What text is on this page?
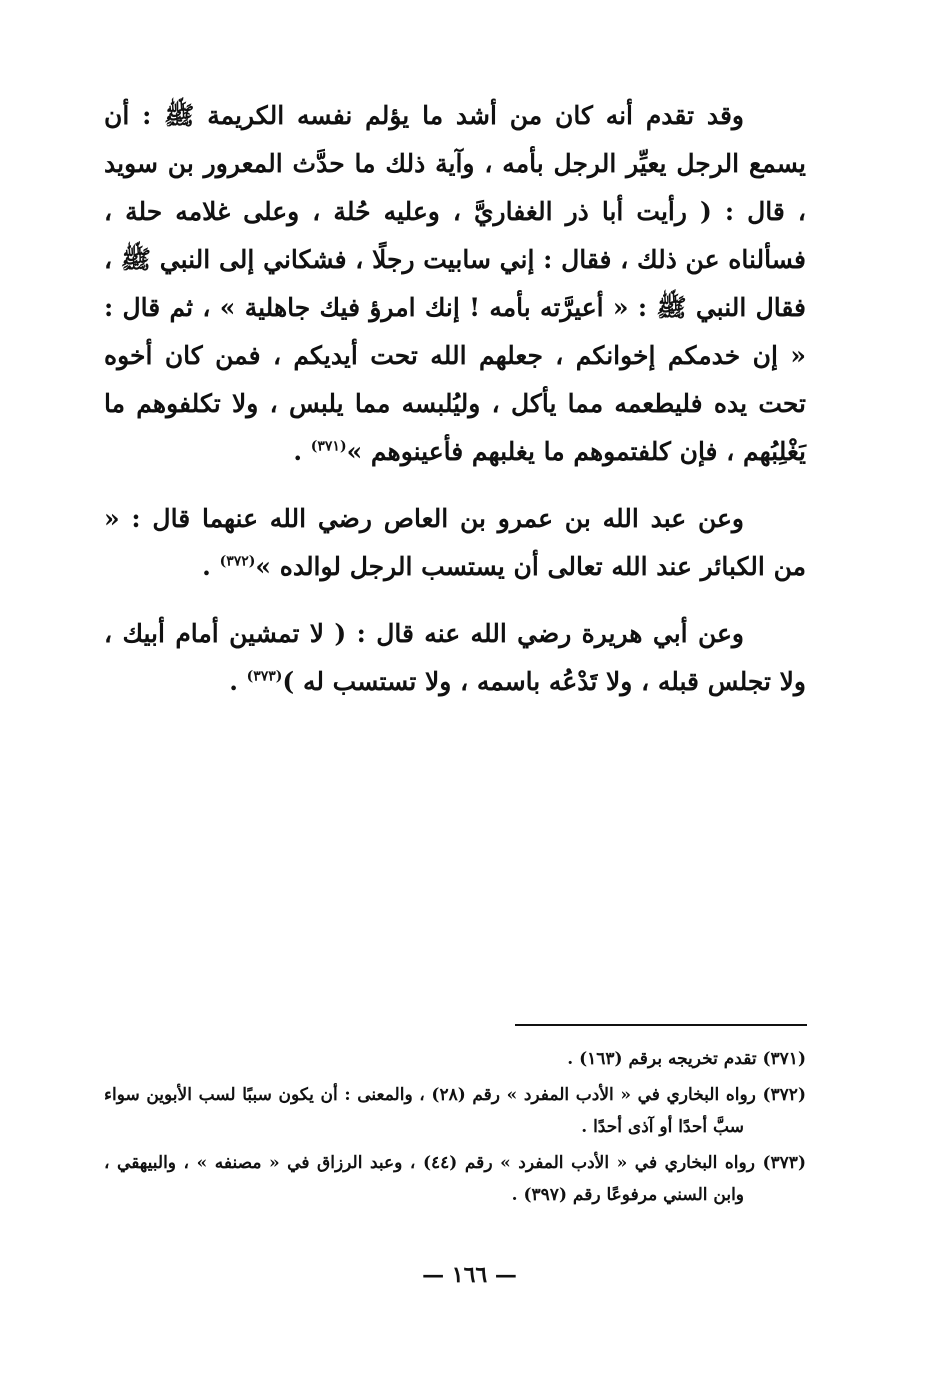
وقد تقدم أنه كان من أشد ما يؤلم نفسه الكريمة ﷺ : أن يسمع الرجل يعيِّر الرجل بأمه ، وآية ذلك ما حدَّث المعرور بن سويد ، قال : ( رأيت أبا ذر الغفاريَّ ، وعليه حُلة ، وعلى غلامه حلة ، فسألناه عن ذلك ، فقال : إني سابيت رجلًا ، فشكاني إلى النبي ﷺ ، فقال النبي ﷺ : « أعيرَّته بأمه ! إنك امرؤ فيك جاهلية » ، ثم قال : « إن خدمكم إخوانكم ، جعلهم الله تحت أيديكم ، فمن كان أخوه تحت يده فليطعمه مما يأكل ، وليُلبسه مما يلبس ، ولا تكلفوهم ما يَغْلِبُهم ، فإن كلفتموهم ما يغلبهم فأعينوهم »$^{(٣٧١)}$ .

وعن عبد الله بن عمرو بن العاص رضي الله عنهما قال : « من الكبائر عند الله تعالى أن يستسب الرجل لوالده »$^{(٣٧٢)}$ .

وعن أبي هريرة رضي الله عنه قال : ( لا تمشين أمام أبيك ، ولا تجلس قبله ، ولا تَدْعُه باسمه ، ولا تستسب له )$^{(٣٧٣)}$ .

(٣٧١) تقدم تخريجه برقم (١٦٣) .

(٣٧٢) رواه البخاري في « الأدب المفرد » رقم (٢٨) ، والمعنى : أن يكون سببًا لسب الأبوين سواء سبَّ أحدًا أو آذى أحدًا .

(٣٧٣) رواه البخاري في « الأدب المفرد » رقم (٤٤) ، وعبد الرزاق في « مصنفه » ، والبيهقي ، وابن السني مرفوعًا رقم (٣٩٧) .

— ١٦٦ —
